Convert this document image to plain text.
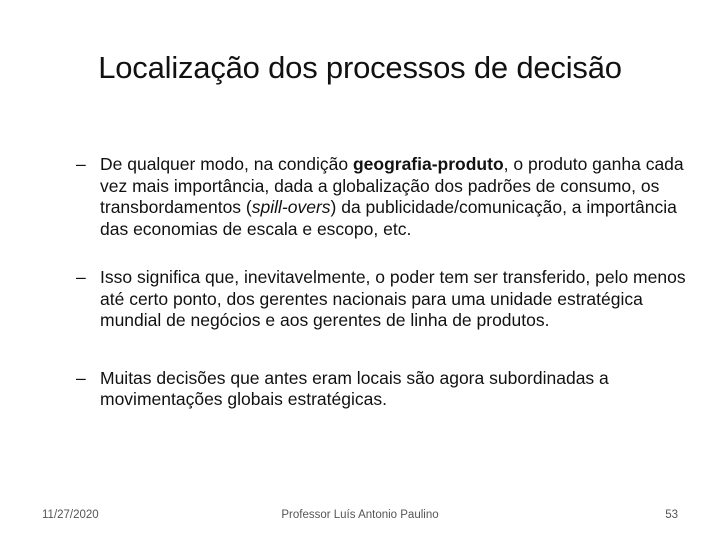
Localização dos processos de decisão
– De qualquer modo, na condição geografia-produto, o produto ganha cada vez mais importância, dada a globalização dos padrões de consumo, os transbordamentos (spill-overs) da publicidade/comunicação, a importância das economias de escala e escopo, etc.
– Isso significa que, inevitavelmente, o poder tem ser transferido, pelo menos até certo ponto, dos gerentes nacionais para uma unidade estratégica mundial de negócios e aos gerentes de linha de produtos.
– Muitas decisões que antes eram locais são agora subordinadas a movimentações globais estratégicas.
11/27/2020	Professor Luís Antonio Paulino	53
